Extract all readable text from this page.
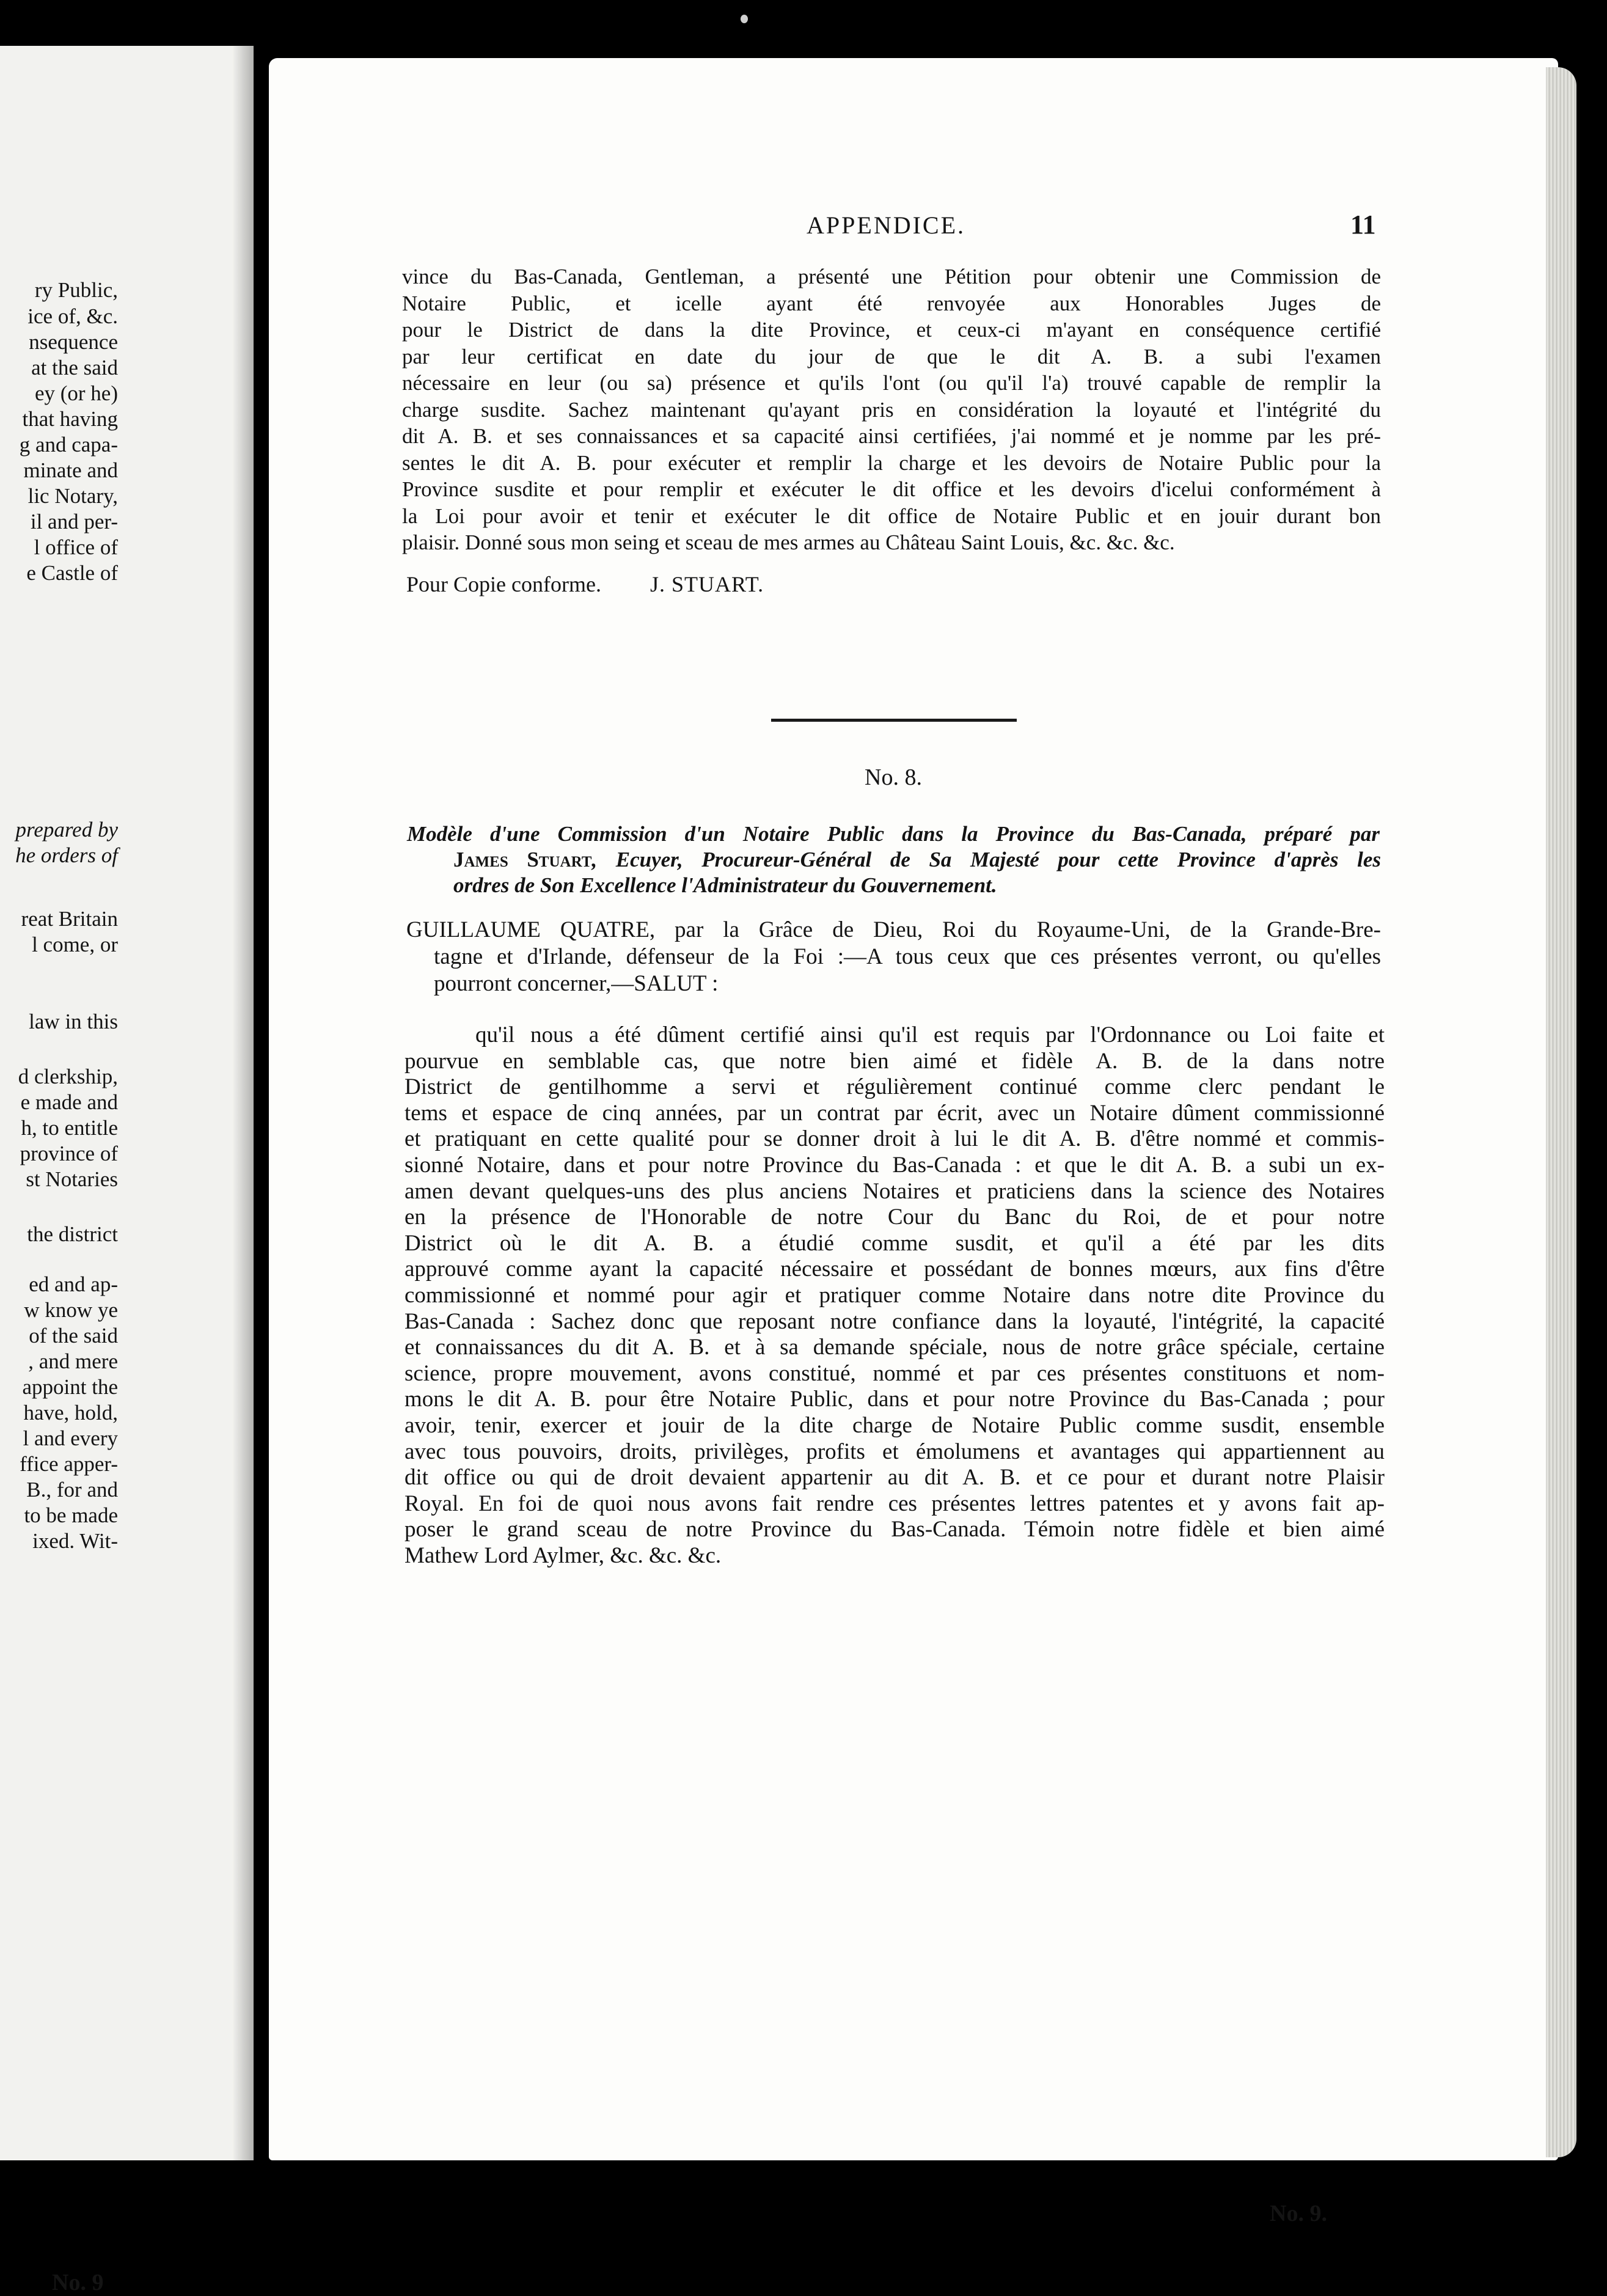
ry Public,

ice of, &c.

nsequence

at the said

ey (or he)

that having

g and capa-

minate and

lic Notary,

il and per-

l office of

e Castle of

prepared by

he orders of

reat Britain

l come, or

law in this

d clerkship,

e made and

h, to entitle

province of

st Notaries

the district

ed and ap-

w know ye

of the said

, and mere

appoint the

have, hold,

l and every

ffice apper-

B., for and

to be made

ixed. Wit-

No. 9

APPENDICE.	11

vince du Bas-Canada, Gentleman, a présenté une Pétition pour obtenir une Commission de

Notaire Public, et icelle ayant été renvoyée aux Honorables Juges de

pour le District de dans la dite Province, et ceux-ci m'ayant en conséquence certifié

par leur certificat en date du jour de que le dit A. B. a subi l'examen

nécessaire en leur (ou sa) présence et qu'ils l'ont (ou qu'il l'a) trouvé capable de remplir la

charge susdite. Sachez maintenant qu'ayant pris en considération la loyauté et l'intégrité du

dit A. B. et ses connaissances et sa capacité ainsi certifiées, j'ai nommé et je nomme par les pré-

sentes le dit A. B. pour exécuter et remplir la charge et les devoirs de Notaire Public pour la

Province susdite et pour remplir et exécuter le dit office et les devoirs d'icelui conformément à

la Loi pour avoir et tenir et exécuter le dit office de Notaire Public et en jouir durant bon

plaisir. Donné sous mon seing et sceau de mes armes au Château Saint Louis, &c. &c. &c.

Pour Copie conforme. J. STUART.

No. 8.

Modèle d'une Commission d'un Notaire Public dans la Province du Bas-Canada, préparé par

James Stuart, Ecuyer, Procureur-Général de Sa Majesté pour cette Province d'après les

ordres de Son Excellence l'Administrateur du Gouvernement.

GUILLAUME QUATRE, par la Grâce de Dieu, Roi du Royaume-Uni, de la Grande-Bre-

tagne et d'Irlande, défenseur de la Foi :—A tous ceux que ces présentes verront, ou qu'elles

pourront concerner,—SALUT :

qu'il nous a été dûment certifié ainsi qu'il est requis par l'Ordonnance ou Loi faite et

pourvue en semblable cas, que notre bien aimé et fidèle A. B. de la dans notre

District de gentilhomme a servi et régulièrement continué comme clerc pendant le

tems et espace de cinq années, par un contrat par écrit, avec un Notaire dûment commissionné

et pratiquant en cette qualité pour se donner droit à lui le dit A. B. d'être nommé et commis-

sionné Notaire, dans et pour notre Province du Bas-Canada : et que le dit A. B. a subi un ex-

amen devant quelques-uns des plus anciens Notaires et praticiens dans la science des Notaires

en la présence de l'Honorable de notre Cour du Banc du Roi, de et pour notre

District où le dit A. B. a étudié comme susdit, et qu'il a été par les dits

approuvé comme ayant la capacité nécessaire et possédant de bonnes mœurs, aux fins d'être

commissionné et nommé pour agir et pratiquer comme Notaire dans notre dite Province du

Bas-Canada : Sachez donc que reposant notre confiance dans la loyauté, l'intégrité, la capacité

et connaissances du dit A. B. et à sa demande spéciale, nous de notre grâce spéciale, certaine

science, propre mouvement, avons constitué, nommé et par ces présentes constituons et nom-

mons le dit A. B. pour être Notaire Public, dans et pour notre Province du Bas-Canada ; pour

avoir, tenir, exercer et jouir de la dite charge de Notaire Public comme susdit, ensemble

avec tous pouvoirs, droits, privilèges, profits et émolumens et avantages qui appartiennent au

dit office ou qui de droit devaient appartenir au dit A. B. et ce pour et durant notre Plaisir

Royal. En foi de quoi nous avons fait rendre ces présentes lettres patentes et y avons fait ap-

poser le grand sceau de notre Province du Bas-Canada. Témoin notre fidèle et bien aimé

Mathew Lord Aylmer, &c. &c. &c.

No. 9.
